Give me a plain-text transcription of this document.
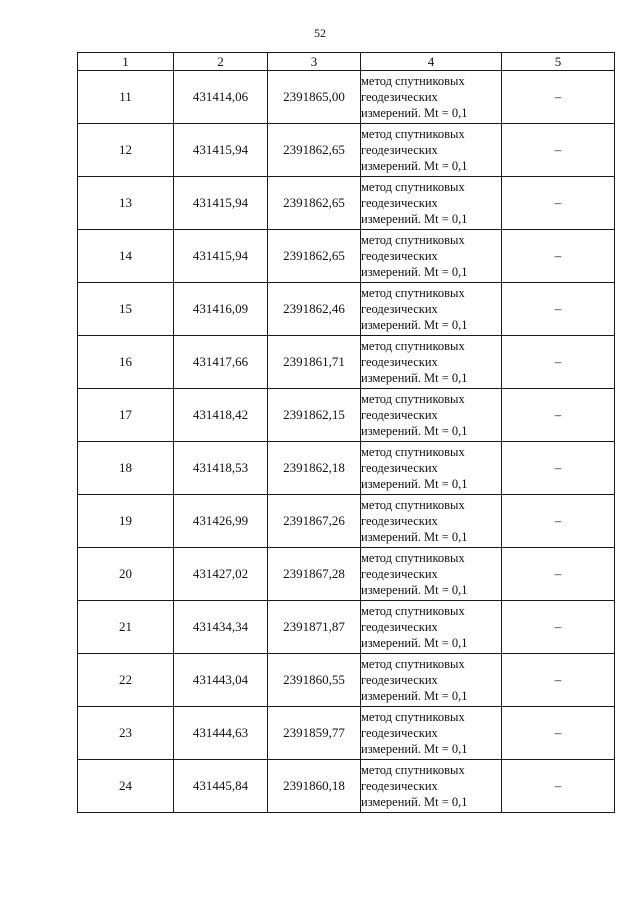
52
1	2	3	4	5
11	431414,06	2391865,00	метод спутниковых
геодезических
измерений. Mt = 0,1	–
12	431415,94	2391862,65	метод спутниковых
геодезических
измерений. Mt = 0,1	–
13	431415,94	2391862,65	метод спутниковых
геодезических
измерений. Mt = 0,1	–
14	431415,94	2391862,65	метод спутниковых
геодезических
измерений. Mt = 0,1	–
15	431416,09	2391862,46	метод спутниковых
геодезических
измерений. Mt = 0,1	–
16	431417,66	2391861,71	метод спутниковых
геодезических
измерений. Mt = 0,1	–
17	431418,42	2391862,15	метод спутниковых
геодезических
измерений. Mt = 0,1	–
18	431418,53	2391862,18	метод спутниковых
геодезических
измерений. Mt = 0,1	–
19	431426,99	2391867,26	метод спутниковых
геодезических
измерений. Mt = 0,1	–
20	431427,02	2391867,28	метод спутниковых
геодезических
измерений. Mt = 0,1	–
21	431434,34	2391871,87	метод спутниковых
геодезических
измерений. Mt = 0,1	–
22	431443,04	2391860,55	метод спутниковых
геодезических
измерений. Mt = 0,1	–
23	431444,63	2391859,77	метод спутниковых
геодезических
измерений. Mt = 0,1	–
24	431445,84	2391860,18	метод спутниковых
геодезических
измерений. Mt = 0,1	–
